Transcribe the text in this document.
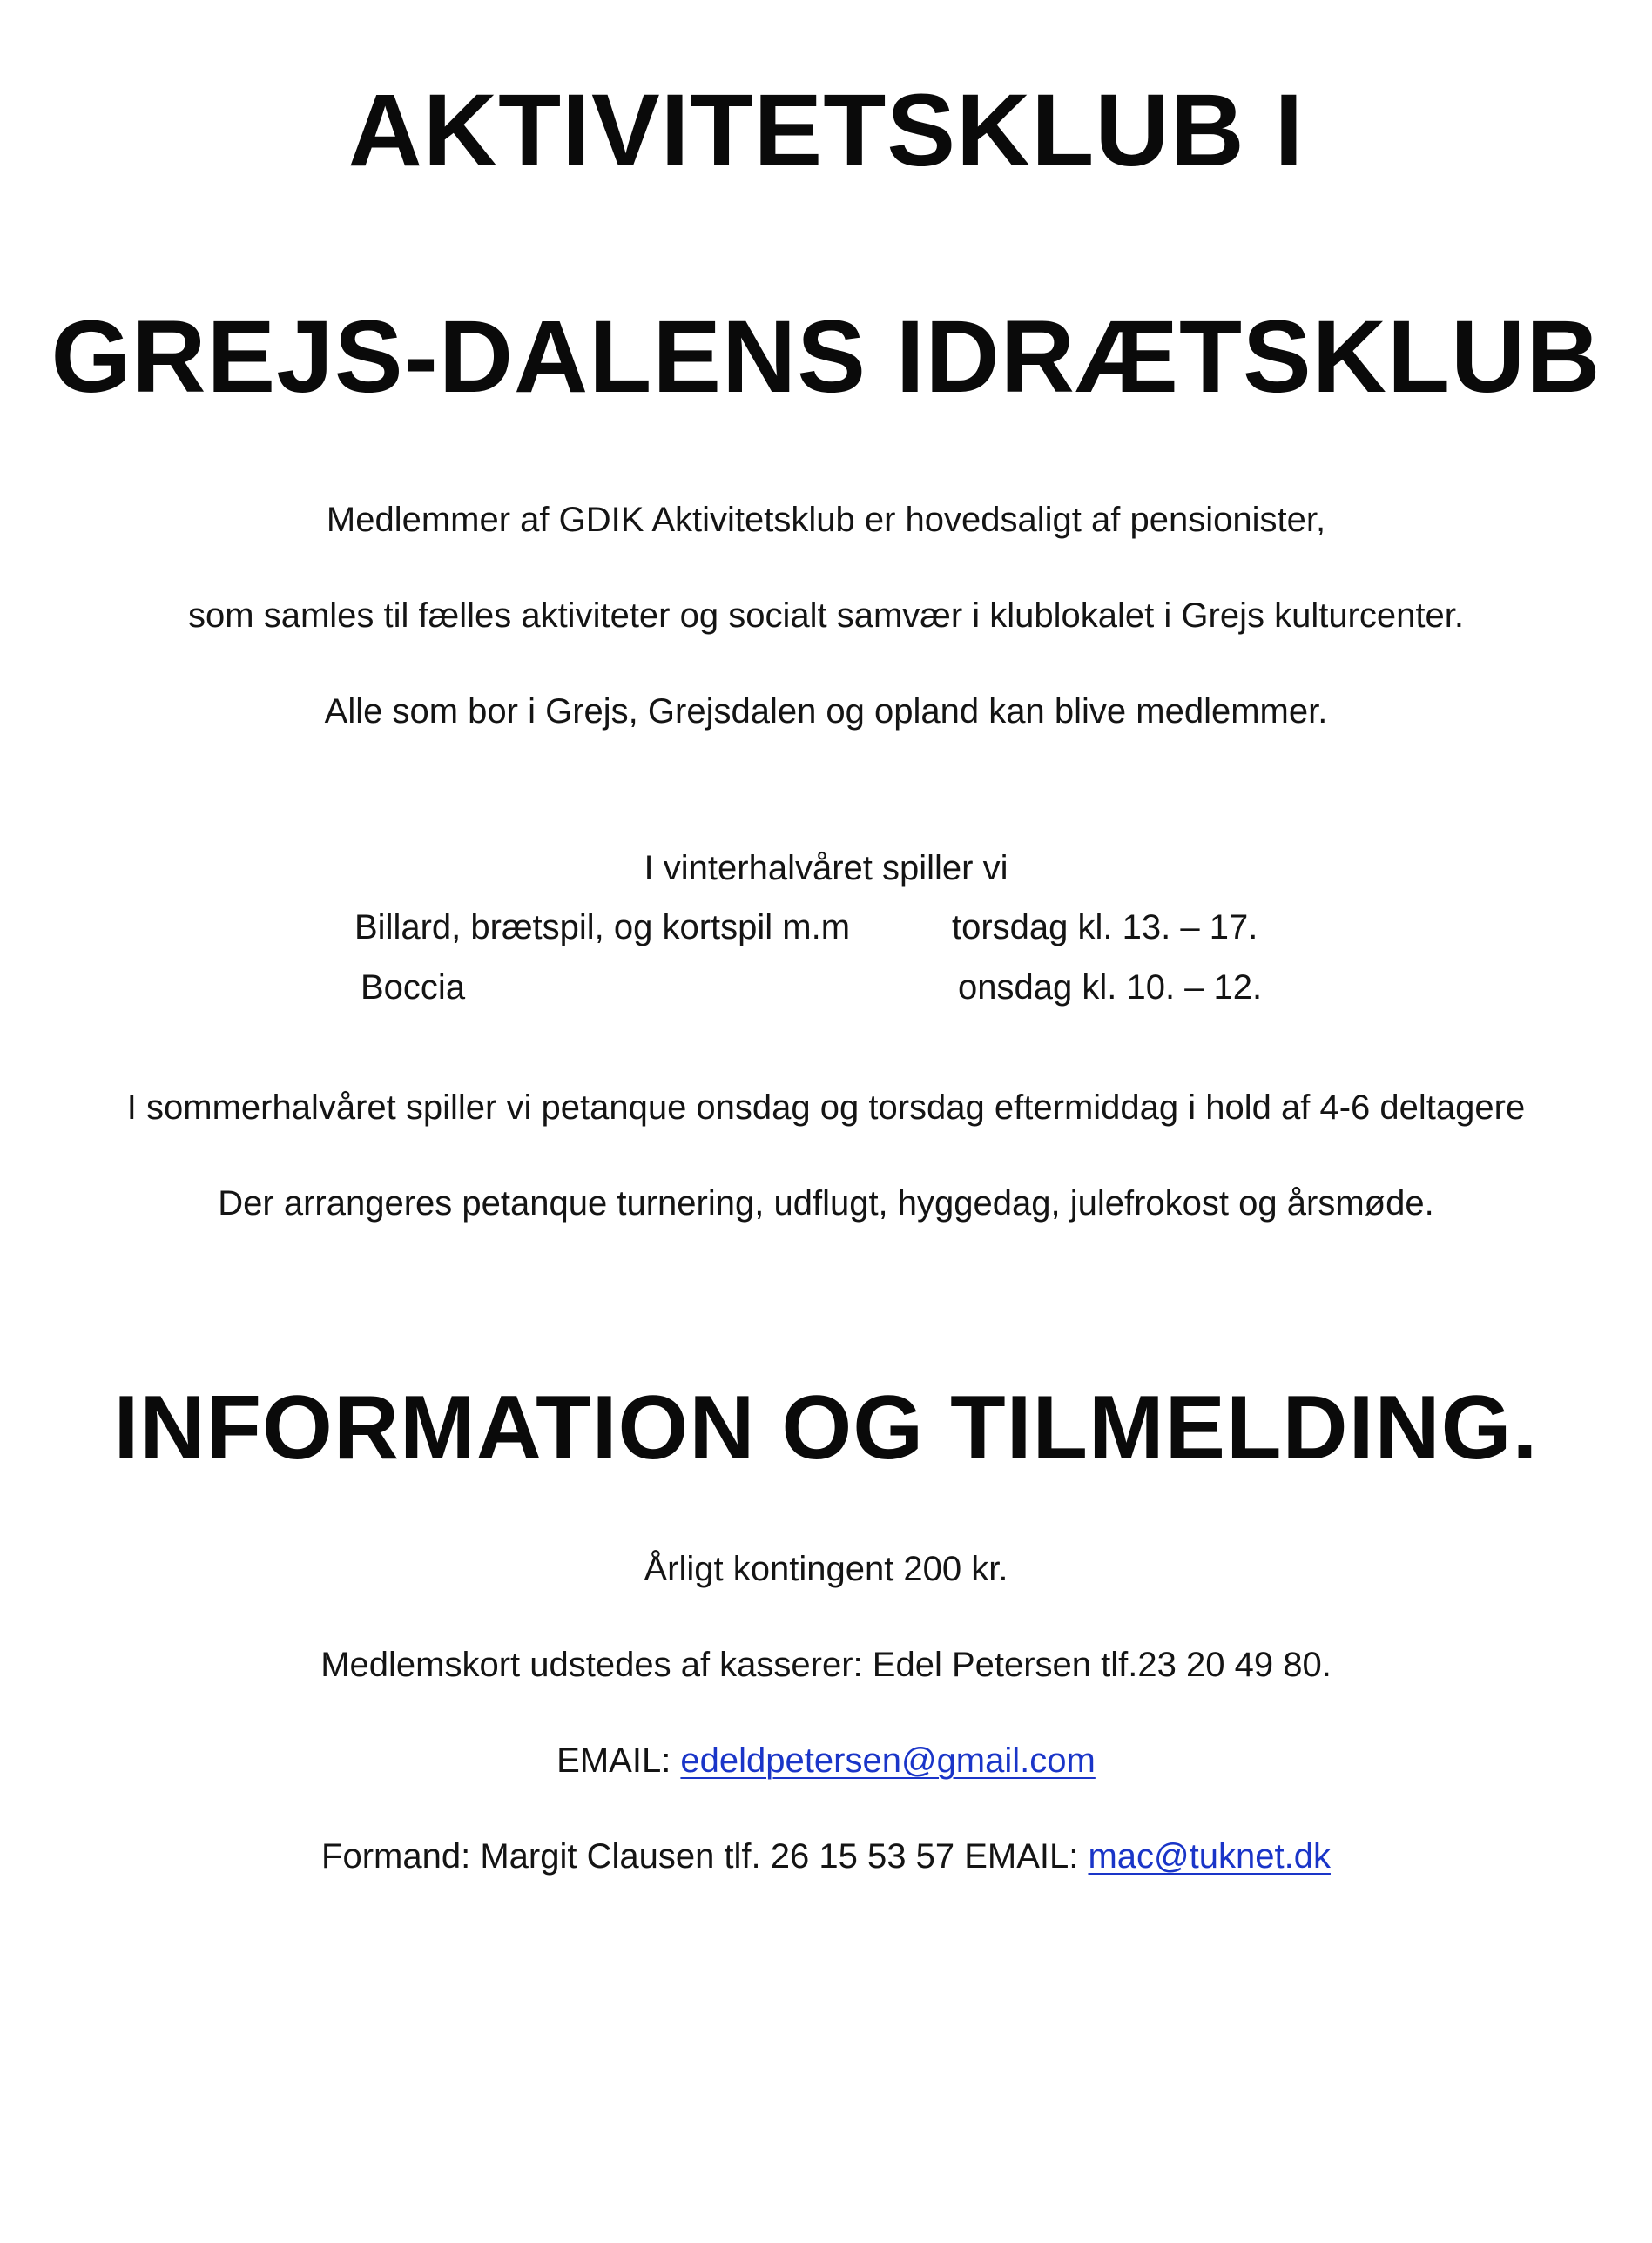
AKTIVITETSKLUB I
GREJS-DALENS IDRÆTSKLUB
Medlemmer af GDIK Aktivitetsklub er hovedsaligt af pensionister,
som samles til fælles aktiviteter og socialt samvær i klublokalet i Grejs kulturcenter.
Alle som bor i Grejs, Grejsdalen og opland kan blive medlemmer.
I vinterhalvåret spiller vi
Billard, brætspil, og kortspil m.m	torsdag kl. 13. – 17.
Boccia	onsdag kl. 10. – 12.
I sommerhalvåret spiller vi petanque onsdag og torsdag eftermiddag i hold af 4-6 deltagere
Der arrangeres petanque turnering, udflugt, hyggedag, julefrokost og årsmøde.
INFORMATION OG TILMELDING.
Årligt kontingent 200 kr.
Medlemskort udstedes af kasserer: Edel Petersen tlf.23 20 49 80.
EMAIL: edeldpetersen@gmail.com
Formand: Margit Clausen tlf. 26 15 53 57 EMAIL: mac@tuknet.dk
